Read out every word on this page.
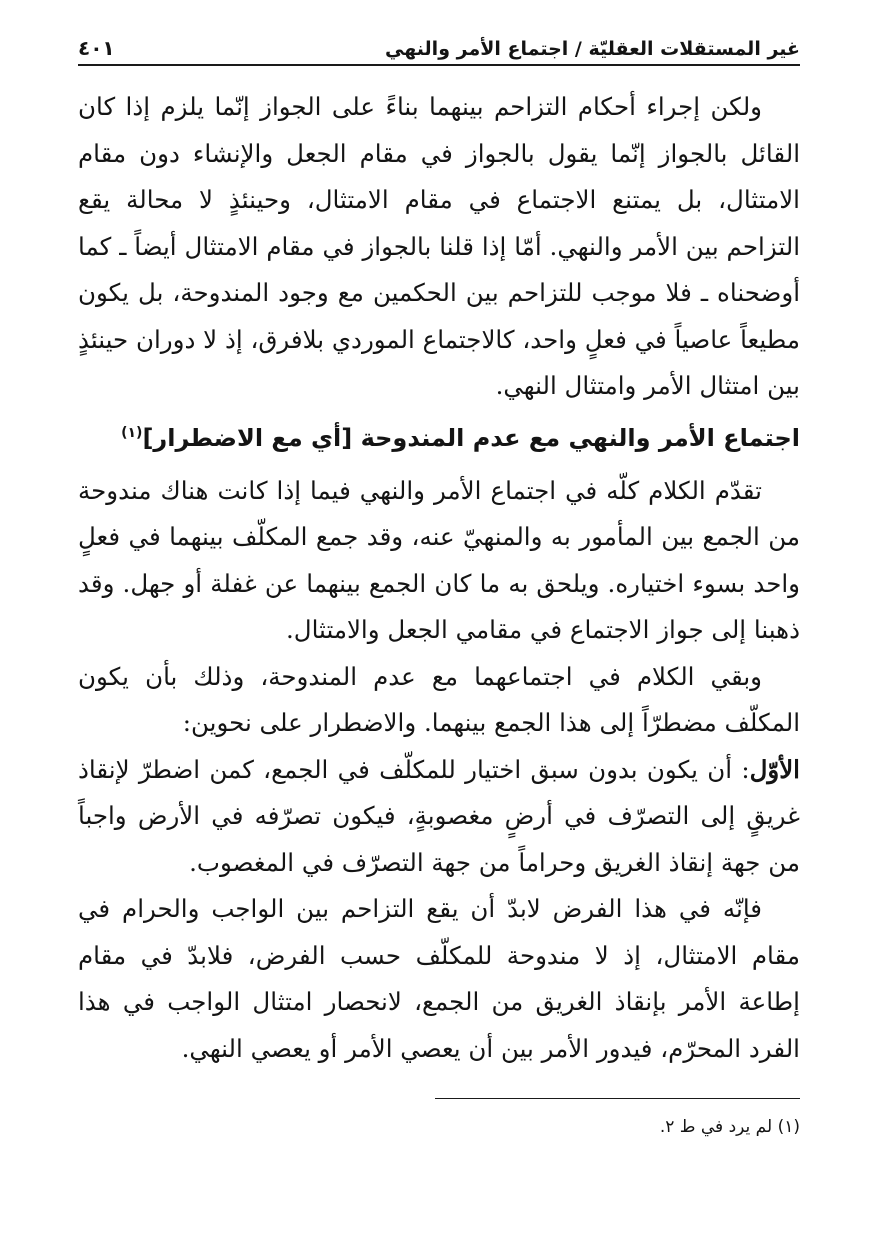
غير المستقلات العقليّة / اجتماع الأمر والنهي
٤٠١

ولكن إجراء أحكام التزاحم بينهما بناءً على الجواز إنّما يلزم إذا كان القائل بالجواز إنّما يقول بالجواز في مقام الجعل والإنشاء دون مقام الامتثال، بل يمتنع الاجتماع في مقام الامتثال، وحينئذٍ لا محالة يقع التزاحم بين الأمر والنهي. أمّا إذا قلنا بالجواز في مقام الامتثال أيضاً ـ كما أوضحناه ـ فلا موجب للتزاحم بين الحكمين مع وجود المندوحة، بل يكون مطيعاً عاصياً في فعلٍ واحد، كالاجتماع الموردي بلافرق، إذ لا دوران حينئذٍ بين امتثال الأمر وامتثال النهي.

اجتماع الأمر والنهي مع عدم المندوحة [أي مع الاضطرار]$^{(١)}$

تقدّم الكلام كلّه في اجتماع الأمر والنهي فيما إذا كانت هناك مندوحة من الجمع بين المأمور به والمنهيّ عنه، وقد جمع المكلّف بينهما في فعلٍ واحد بسوء اختياره. ويلحق به ما كان الجمع بينهما عن غفلة أو جهل. وقد ذهبنا إلى جواز الاجتماع في مقامي الجعل والامتثال.

وبقي الكلام في اجتماعهما مع عدم المندوحة، وذلك بأن يكون المكلّف مضطرّاً إلى هذا الجمع بينهما. والاضطرار على نحوين:

الأوّل: أن يكون بدون سبق اختيار للمكلّف في الجمع، كمن اضطرّ لإنقاذ غريقٍ إلى التصرّف في أرضٍ مغصوبةٍ، فيكون تصرّفه في الأرض واجباً من جهة إنقاذ الغريق وحراماً من جهة التصرّف في المغصوب.

فإنّه في هذا الفرض لابدّ أن يقع التزاحم بين الواجب والحرام في مقام الامتثال، إذ لا مندوحة للمكلّف حسب الفرض، فلابدّ في مقام إطاعة الأمر بإنقاذ الغريق من الجمع، لانحصار امتثال الواجب في هذا الفرد المحرّم، فيدور الأمر بين أن يعصي الأمر أو يعصي النهي.

(١) لم يرد في ط ٢.
